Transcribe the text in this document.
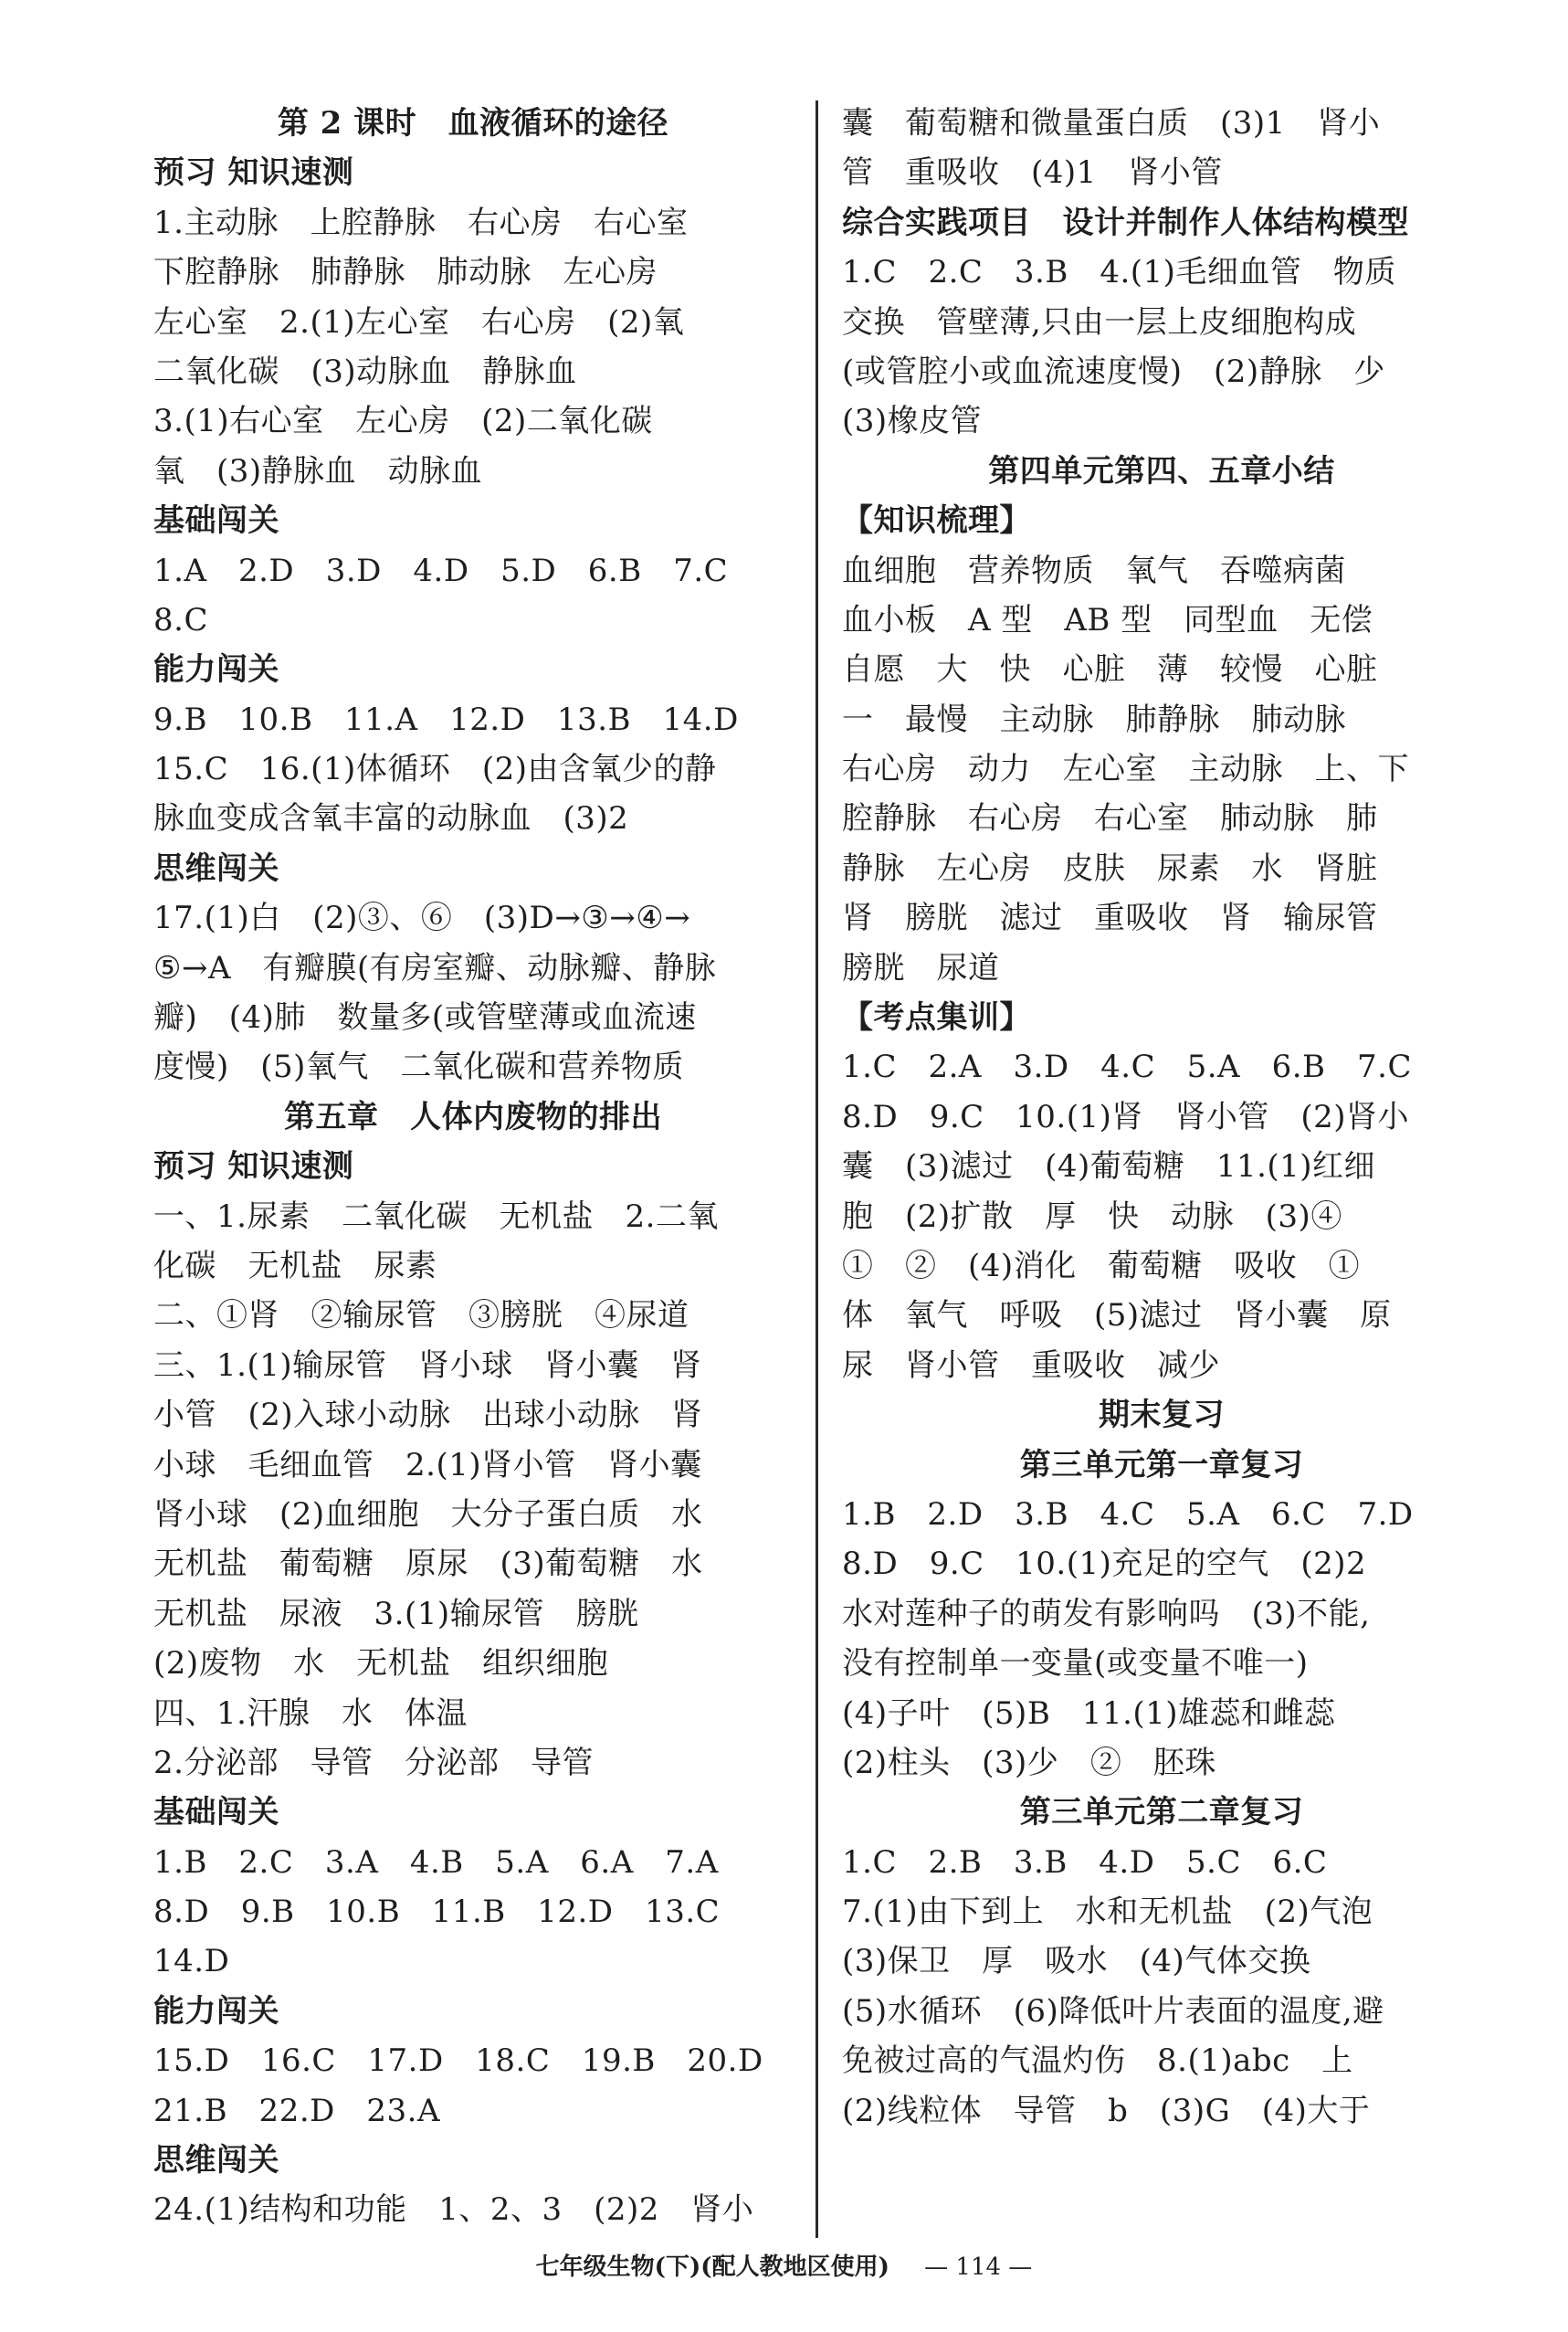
第 2 课时　血液循环的途径
预习 知识速测
1.主动脉　上腔静脉　右心房　右心室
下腔静脉　肺静脉　肺动脉　左心房
左心室　2.(1)左心室　右心房　(2)氧
二氧化碳　(3)动脉血　静脉血
3.(1)右心室　左心房　(2)二氧化碳
氧　(3)静脉血　动脉血
基础闯关
1.A　2.D　3.D　4.D　5.D　6.B　7.C
8.C
能力闯关
9.B　10.B　11.A　12.D　13.B　14.D
15.C　16.(1)体循环　(2)由含氧少的静
脉血变成含氧丰富的动脉血　(3)2
思维闯关
17.(1)白　(2)③、⑥　(3)D→③→④→
⑤→A　有瓣膜(有房室瓣、动脉瓣、静脉
瓣)　(4)肺　数量多(或管壁薄或血流速
度慢)　(5)氧气　二氧化碳和营养物质
第五章　人体内废物的排出
预习 知识速测
一、1.尿素　二氧化碳　无机盐　2.二氧
化碳　无机盐　尿素
二、①肾　②输尿管　③膀胱　④尿道
三、1.(1)输尿管　肾小球　肾小囊　肾
小管　(2)入球小动脉　出球小动脉　肾
小球　毛细血管　2.(1)肾小管　肾小囊
肾小球　(2)血细胞　大分子蛋白质　水
无机盐　葡萄糖　原尿　(3)葡萄糖　水
无机盐　尿液　3.(1)输尿管　膀胱
(2)废物　水　无机盐　组织细胞
四、1.汗腺　水　体温
2.分泌部　导管　分泌部　导管
基础闯关
1.B　2.C　3.A　4.B　5.A　6.A　7.A
8.D　9.B　10.B　11.B　12.D　13.C
14.D
能力闯关
15.D　16.C　17.D　18.C　19.B　20.D
21.B　22.D　23.A
思维闯关
24.(1)结构和功能　1、2、3　(2)2　肾小
囊　葡萄糖和微量蛋白质　(3)1　肾小
管　重吸收　(4)1　肾小管
综合实践项目　设计并制作人体结构模型
1.C　2.C　3.B　4.(1)毛细血管　物质
交换　管壁薄,只由一层上皮细胞构成
(或管腔小或血流速度慢)　(2)静脉　少
(3)橡皮管
第四单元第四、五章小结
【知识梳理】
血细胞　营养物质　氧气　吞噬病菌
血小板　A 型　AB 型　同型血　无偿
自愿　大　快　心脏　薄　较慢　心脏
一　最慢　主动脉　肺静脉　肺动脉
右心房　动力　左心室　主动脉　上、下
腔静脉　右心房　右心室　肺动脉　肺
静脉　左心房　皮肤　尿素　水　肾脏
肾　膀胱　滤过　重吸收　肾　输尿管
膀胱　尿道
【考点集训】
1.C　2.A　3.D　4.C　5.A　6.B　7.C
8.D　9.C　10.(1)肾　肾小管　(2)肾小
囊　(3)滤过　(4)葡萄糖　11.(1)红细
胞　(2)扩散　厚　快　动脉　(3)④
①　②　(4)消化　葡萄糖　吸收　①
体　氧气　呼吸　(5)滤过　肾小囊　原
尿　肾小管　重吸收　减少
期末复习
第三单元第一章复习
1.B　2.D　3.B　4.C　5.A　6.C　7.D
8.D　9.C　10.(1)充足的空气　(2)2
水对莲种子的萌发有影响吗　(3)不能,
没有控制单一变量(或变量不唯一)
(4)子叶　(5)B　11.(1)雄蕊和雌蕊
(2)柱头　(3)少　②　胚珠
第三单元第二章复习
1.C　2.B　3.B　4.D　5.C　6.C
7.(1)由下到上　水和无机盐　(2)气泡
(3)保卫　厚　吸水　(4)气体交换
(5)水循环　(6)降低叶片表面的温度,避
免被过高的气温灼伤　8.(1)abc　上
(2)线粒体　导管　b　(3)G　(4)大于
七年级生物(下)(配人教地区使用) — 114 —
